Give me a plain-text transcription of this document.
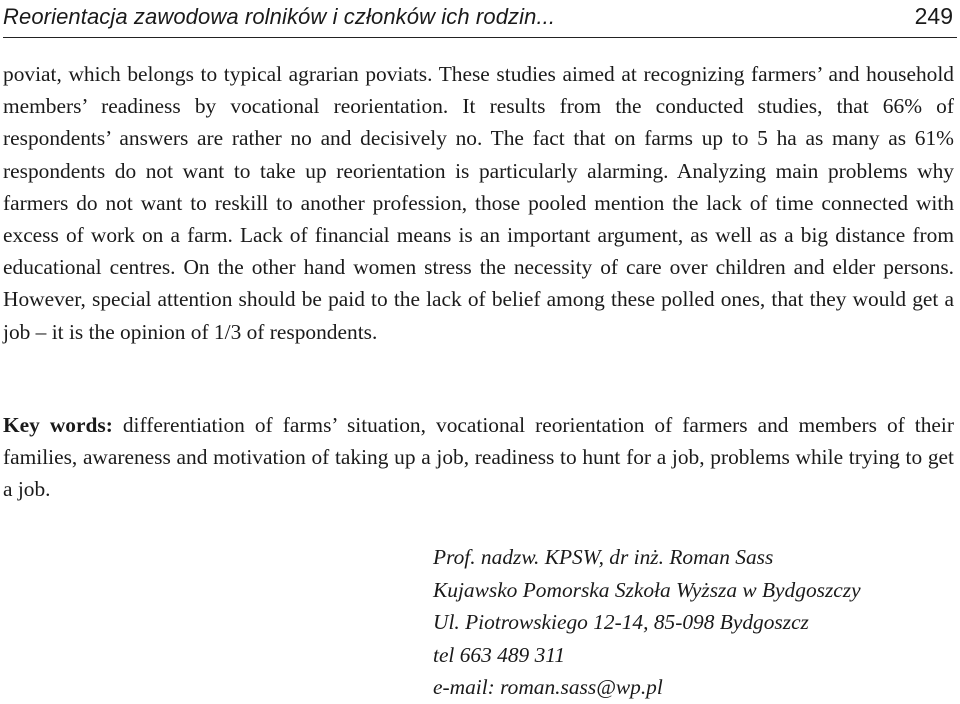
Reorientacja zawodowa rolników i członków ich rodzin...	249

poviat, which belongs to typical agrarian poviats. These studies aimed at recognizing farmers’ and household members’ readiness by vocational reorientation. It results from the conducted studies, that 66% of respondents’ answers are rather no and decisively no. The fact that on farms up to 5 ha as many as 61% respondents do not want to take up reorientation is particularly alarming. Analyzing main problems why farmers do not want to reskill to another profession, those pooled mention the lack of time connected with excess of work on a farm. Lack of financial means is an important argument, as well as a big distance from educational centres. On the other hand women stress the necessity of care over children and elder persons. However, special attention should be paid to the lack of belief among these polled ones, that they would get a job – it is the opinion of 1/3 of respondents.

Key words: differentiation of farms’ situation, vocational reorientation of farmers and members of their families, awareness and motivation of taking up a job, readiness to hunt for a job, problems while trying to get a job.

Prof. nadzw. KPSW, dr inż. Roman Sass
Kujawsko Pomorska Szkoła Wyższa w Bydgoszczy
Ul. Piotrowskiego 12-14, 85-098 Bydgoszcz
tel 663 489 311
e-mail: roman.sass@wp.pl
